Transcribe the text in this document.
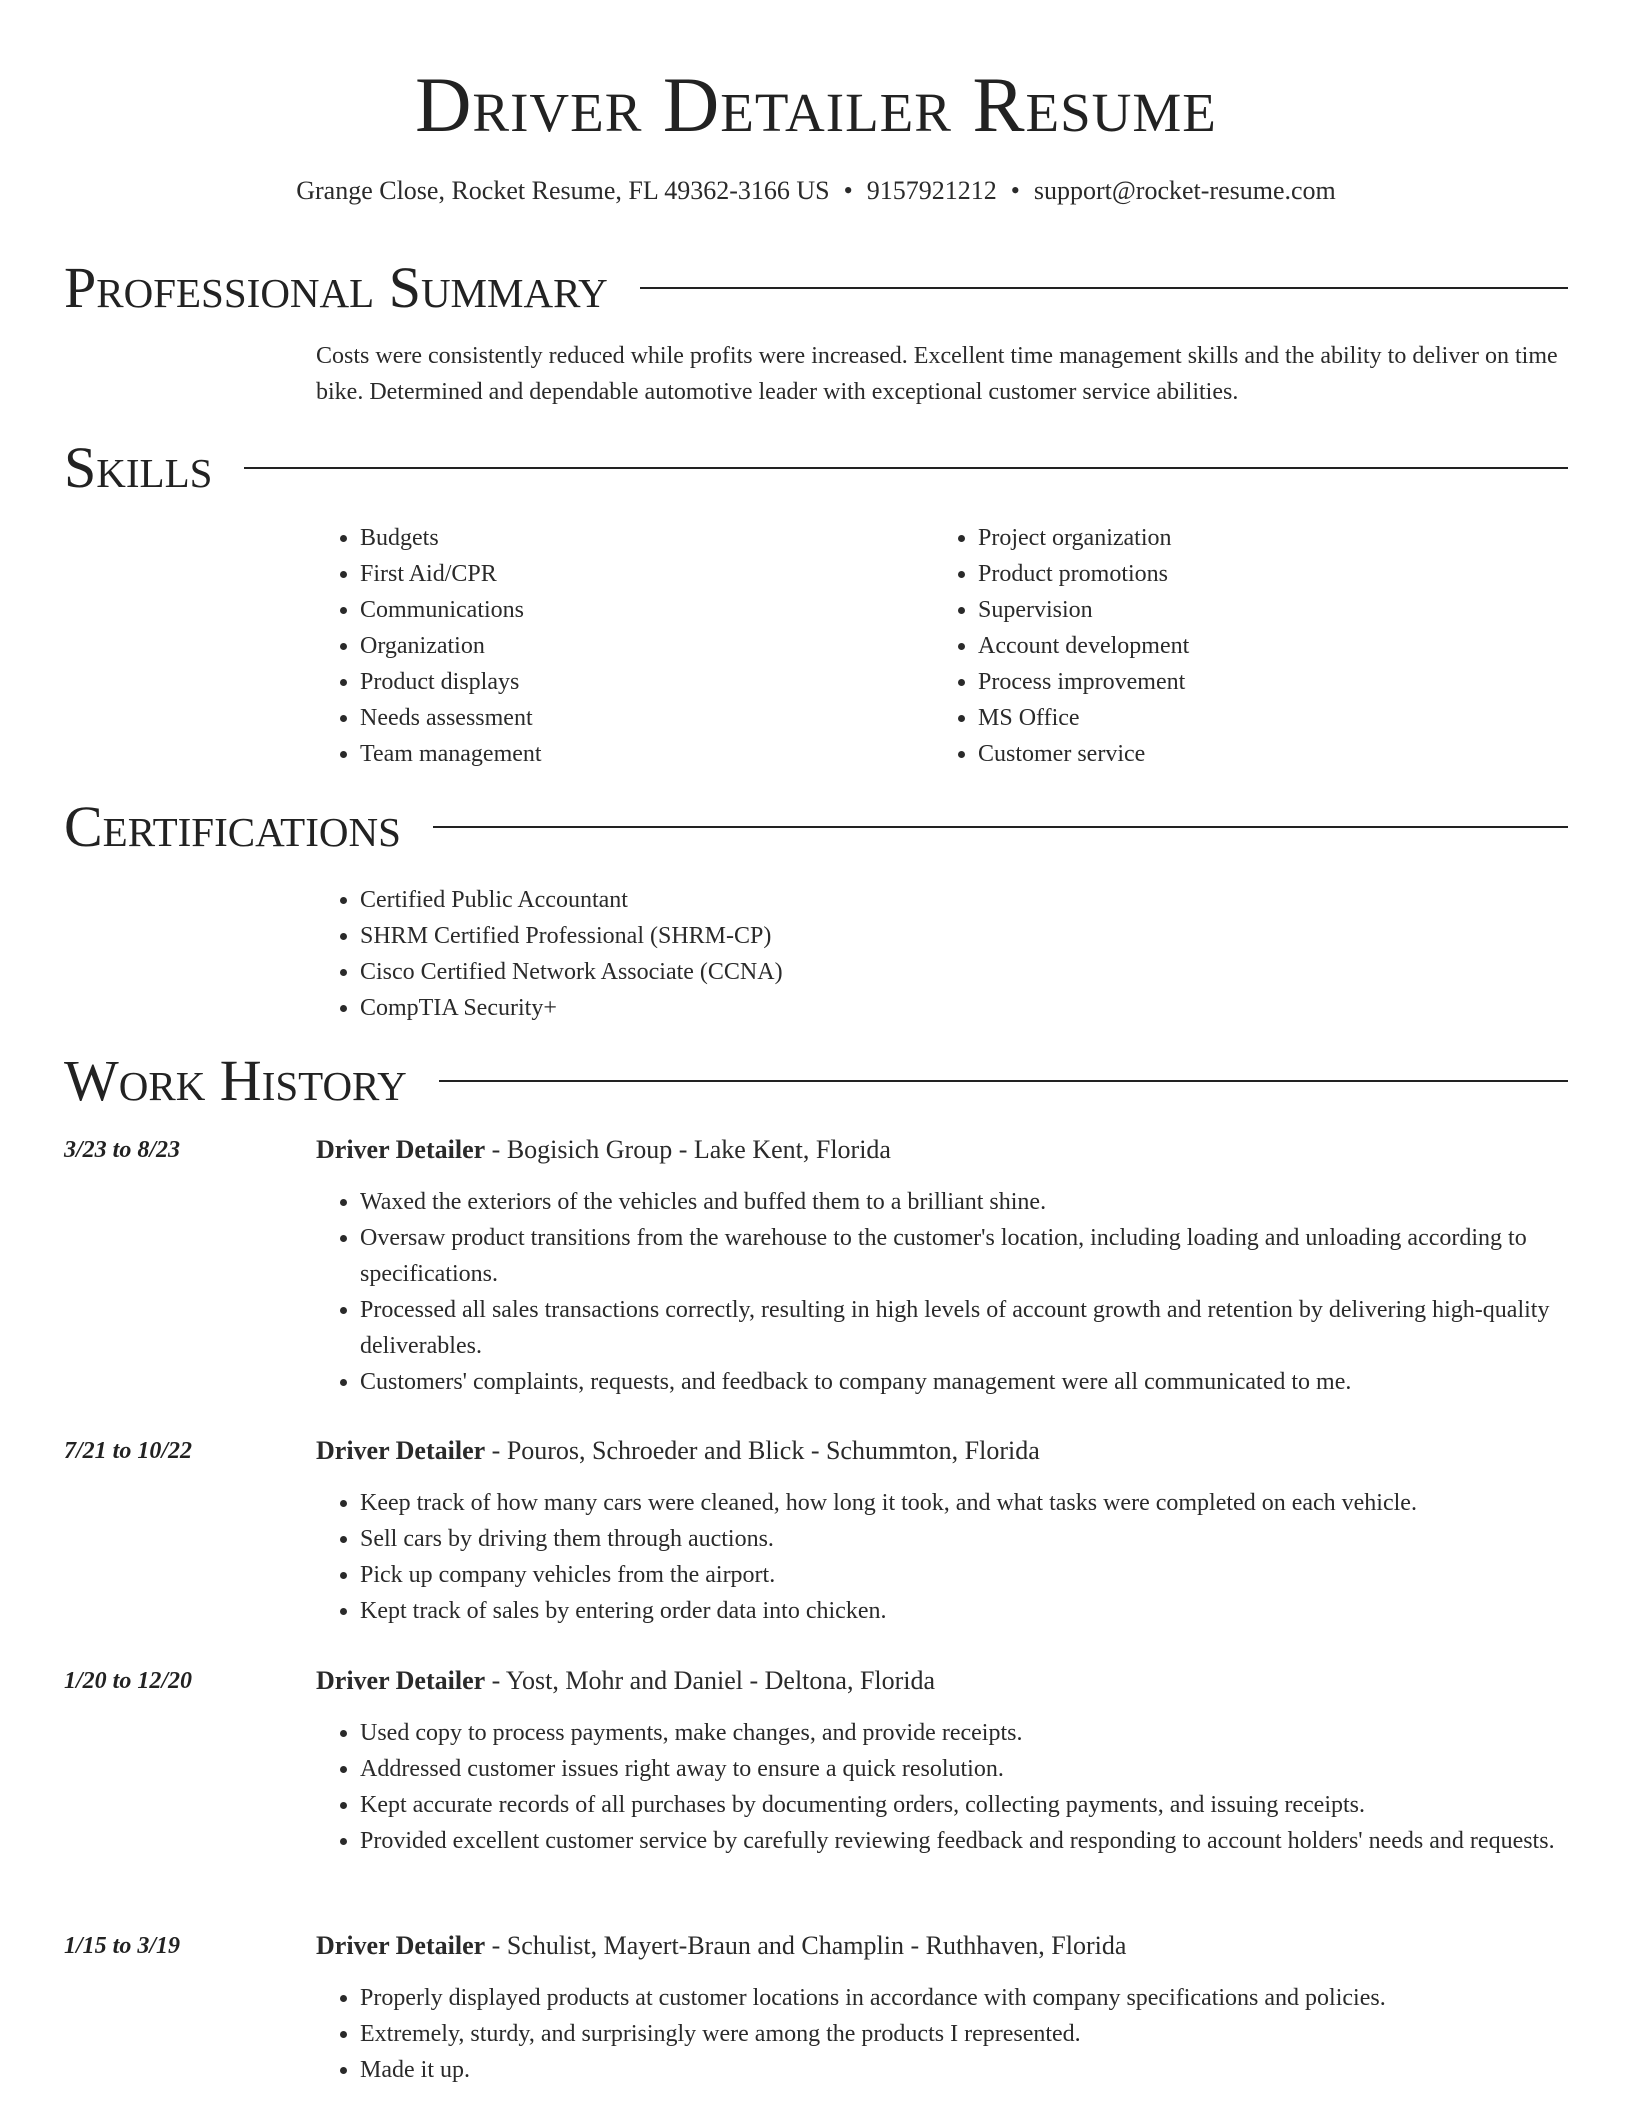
Driver Detailer Resume
Grange Close, Rocket Resume, FL 49362-3166 US • 9157921212 • support@rocket-resume.com
Professional Summary
Costs were consistently reduced while profits were increased. Excellent time management skills and the ability to deliver on time bike. Determined and dependable automotive leader with exceptional customer service abilities.
Skills
• Budgets
• First Aid/CPR
• Communications
• Organization
• Product displays
• Needs assessment
• Team management
• Project organization
• Product promotions
• Supervision
• Account development
• Process improvement
• MS Office
• Customer service
Certifications
• Certified Public Accountant
• SHRM Certified Professional (SHRM-CP)
• Cisco Certified Network Associate (CCNA)
• CompTIA Security+
Work History
3/23 to 8/23	Driver Detailer - Bogisich Group - Lake Kent, Florida
• Waxed the exteriors of the vehicles and buffed them to a brilliant shine.
• Oversaw product transitions from the warehouse to the customer's location, including loading and unloading according to specifications.
• Processed all sales transactions correctly, resulting in high levels of account growth and retention by delivering high-quality deliverables.
• Customers' complaints, requests, and feedback to company management were all communicated to me.
7/21 to 10/22	Driver Detailer - Pouros, Schroeder and Blick - Schummton, Florida
• Keep track of how many cars were cleaned, how long it took, and what tasks were completed on each vehicle.
• Sell cars by driving them through auctions.
• Pick up company vehicles from the airport.
• Kept track of sales by entering order data into chicken.
1/20 to 12/20	Driver Detailer - Yost, Mohr and Daniel - Deltona, Florida
• Used copy to process payments, make changes, and provide receipts.
• Addressed customer issues right away to ensure a quick resolution.
• Kept accurate records of all purchases by documenting orders, collecting payments, and issuing receipts.
• Provided excellent customer service by carefully reviewing feedback and responding to account holders' needs and requests.
1/15 to 3/19	Driver Detailer - Schulist, Mayert-Braun and Champlin - Ruthhaven, Florida
• Properly displayed products at customer locations in accordance with company specifications and policies.
• Extremely, sturdy, and surprisingly were among the products I represented.
• Made it up.
